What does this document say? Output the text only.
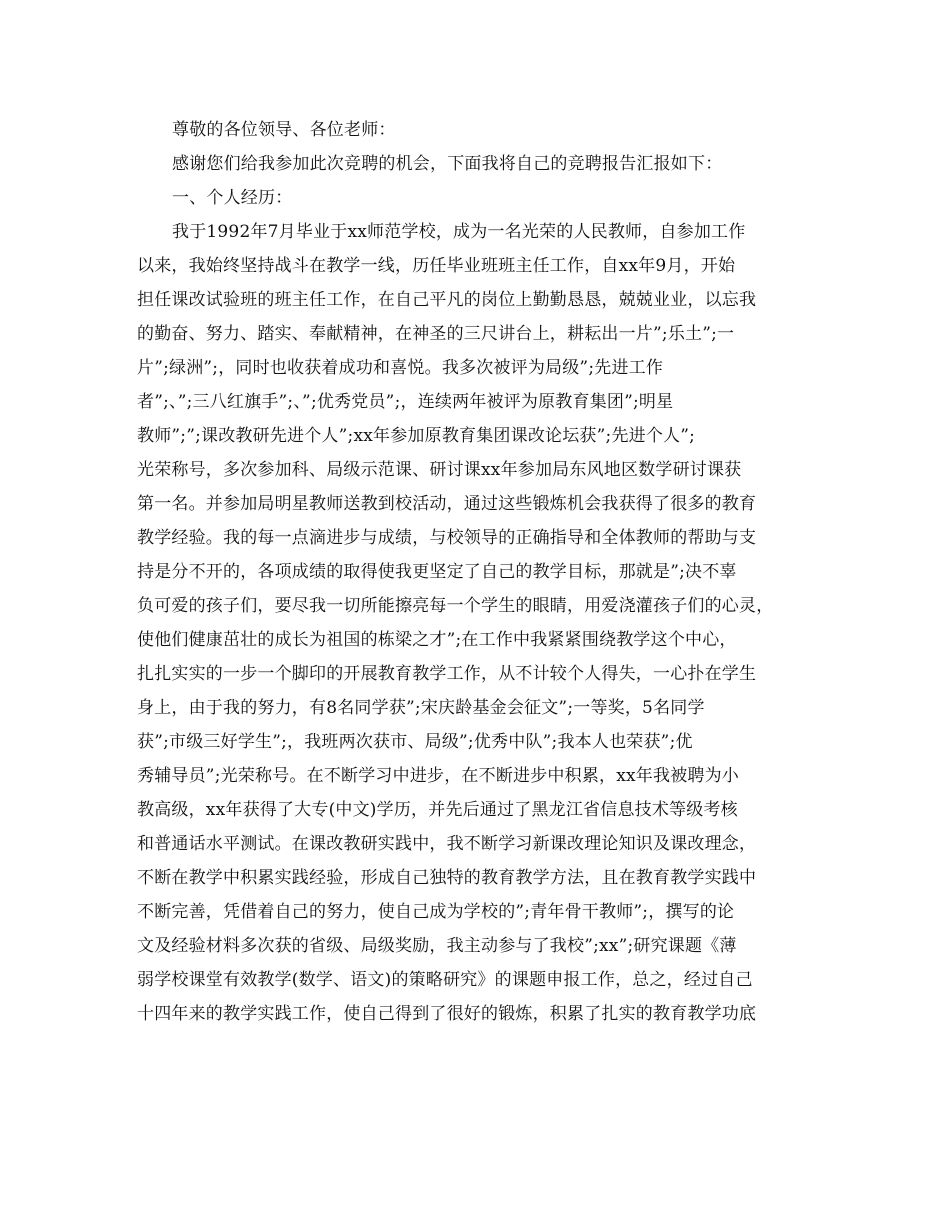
尊敬的各位领导、各位老师：
感谢您们给我参加此次竞聘的机会，下面我将自己的竞聘报告汇报如下：
一、个人经历：
我于1992年7月毕业于xx师范学校，成为一名光荣的人民教师，自参加工作
以来，我始终坚持战斗在教学一线，历任毕业班班主任工作，自xx年9月，开始
担任课改试验班的班主任工作，在自己平凡的岗位上勤勤恳恳，兢兢业业，以忘我
的勤奋、努力、踏实、奉献精神，在神圣的三尺讲台上，耕耘出一片”;乐土”;一
片”;绿洲”;，同时也收获着成功和喜悦。我多次被评为局级”;先进工作
者”;、”;三八红旗手”;、”;优秀党员”;，连续两年被评为原教育集团”;明星
教师”;”;课改教研先进个人”;xx年参加原教育集团课改论坛获”;先进个人”;
光荣称号，多次参加科、局级示范课、研讨课xx年参加局东风地区数学研讨课获
第一名。并参加局明星教师送教到校活动，通过这些锻炼机会我获得了很多的教育
教学经验。我的每一点滴进步与成绩，与校领导的正确指导和全体教师的帮助与支
持是分不开的，各项成绩的取得使我更坚定了自己的教学目标，那就是”;决不辜
负可爱的孩子们，要尽我一切所能擦亮每一个学生的眼睛，用爱浇灌孩子们的心灵，
使他们健康茁壮的成长为祖国的栋梁之才”;在工作中我紧紧围绕教学这个中心，
扎扎实实的一步一个脚印的开展教育教学工作，从不计较个人得失，一心扑在学生
身上，由于我的努力，有8名同学获”;宋庆龄基金会征文”;一等奖，5名同学
获”;市级三好学生”;，我班两次获市、局级”;优秀中队”;我本人也荣获”;优
秀辅导员”;光荣称号。在不断学习中进步，在不断进步中积累，xx年我被聘为小
教高级，xx年获得了大专(中文)学历，并先后通过了黑龙江省信息技术等级考核
和普通话水平测试。在课改教研实践中，我不断学习新课改理论知识及课改理念，
不断在教学中积累实践经验，形成自己独特的教育教学方法，且在教育教学实践中
不断完善，凭借着自己的努力，使自己成为学校的”;青年骨干教师”;，撰写的论
文及经验材料多次获的省级、局级奖励，我主动参与了我校”;xx”;研究课题《薄
弱学校课堂有效教学(数学、语文)的策略研究》的课题申报工作，总之，经过自己
十四年来的教学实践工作，使自己得到了很好的锻炼，积累了扎实的教育教学功底
